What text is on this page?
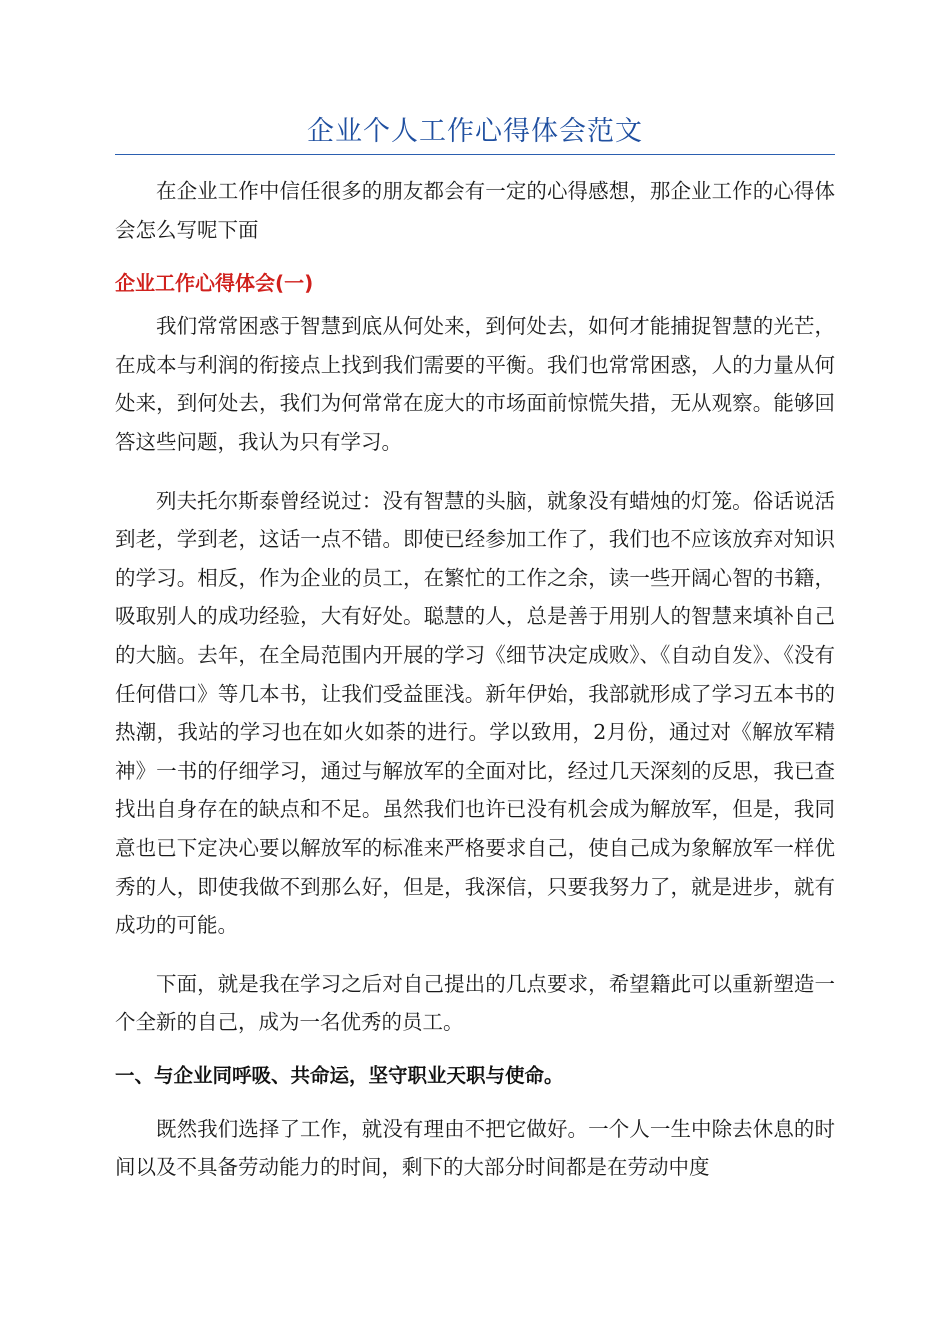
企业个人工作心得体会范文

在企业工作中信任很多的朋友都会有一定的心得感想，那企业工作的心得体会怎么写呢下面

企业工作心得体会(一)

我们常常困惑于智慧到底从何处来，到何处去，如何才能捕捉智慧的光芒，在成本与利润的衔接点上找到我们需要的平衡。我们也常常困惑，人的力量从何处来，到何处去，我们为何常常在庞大的市场面前惊慌失措，无从观察。能够回答这些问题，我认为只有学习。

列夫托尔斯泰曾经说过：没有智慧的头脑，就象没有蜡烛的灯笼。俗话说活到老，学到老，这话一点不错。即使已经参加工作了，我们也不应该放弃对知识的学习。相反，作为企业的员工，在繁忙的工作之余，读一些开阔心智的书籍，吸取别人的成功经验，大有好处。聪慧的人，总是善于用别人的智慧来填补自己的大脑。去年，在全局范围内开展的学习《细节决定成败》、《自动自发》、《没有任何借口》等几本书，让我们受益匪浅。新年伊始，我部就形成了学习五本书的热潮，我站的学习也在如火如荼的进行。学以致用，2月份，通过对《解放军精神》一书的仔细学习，通过与解放军的全面对比，经过几天深刻的反思，我已查找出自身存在的缺点和不足。虽然我们也许已没有机会成为解放军，但是，我同意也已下定决心要以解放军的标准来严格要求自己，使自己成为象解放军一样优秀的人，即使我做不到那么好，但是，我深信，只要我努力了，就是进步，就有成功的可能。

下面，就是我在学习之后对自己提出的几点要求，希望籍此可以重新塑造一个全新的自己，成为一名优秀的员工。

一、与企业同呼吸、共命运，坚守职业天职与使命。

既然我们选择了工作，就没有理由不把它做好。一个人一生中除去休息的时间以及不具备劳动能力的时间，剩下的大部分时间都是在劳动中度
